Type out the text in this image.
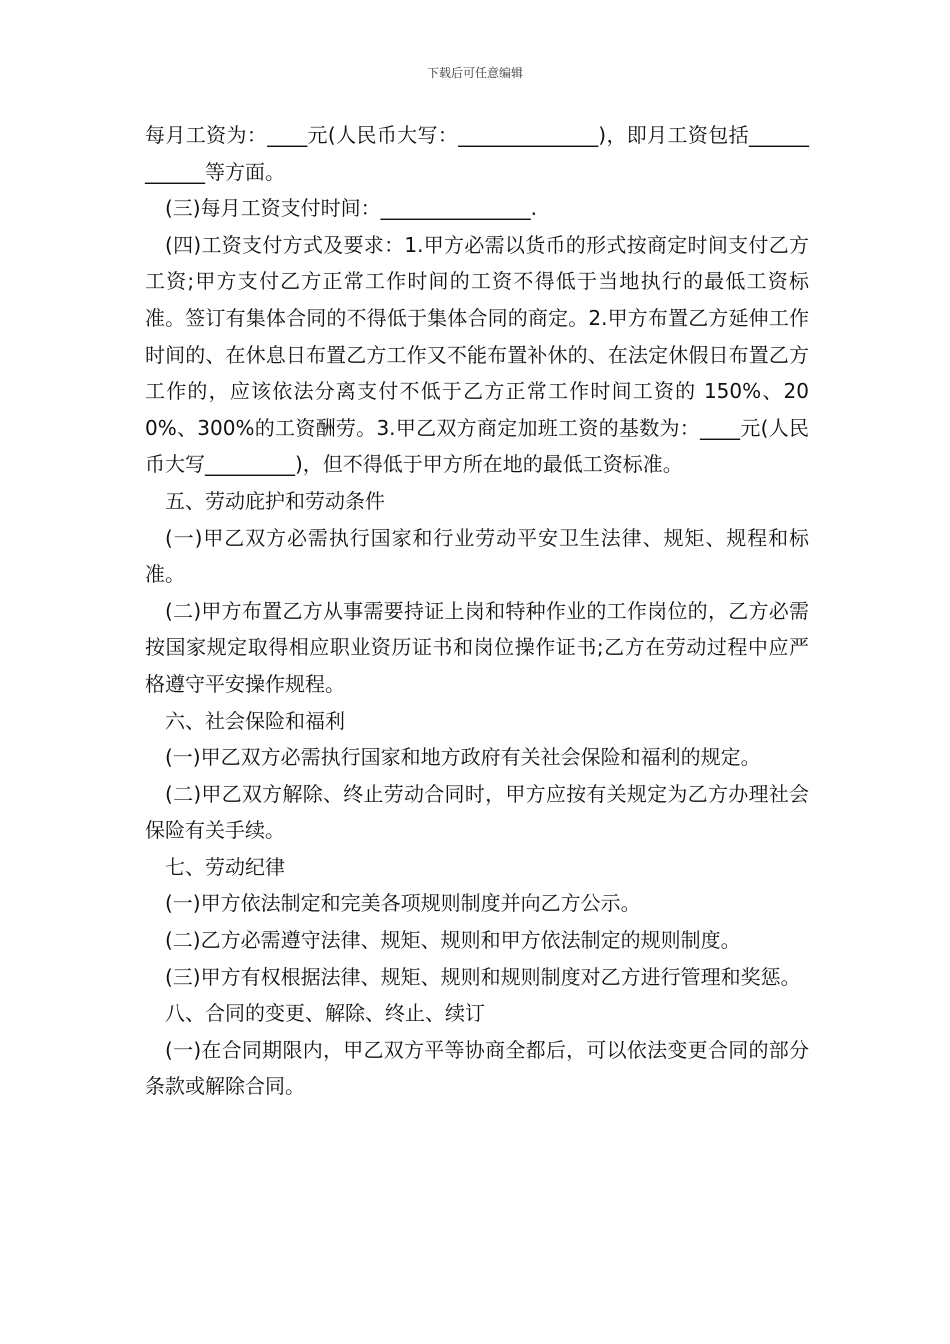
下载后可任意编辑

每月工资为：____元(人民币大写：______________)，即月工资包括____________等方面。

(三)每月工资支付时间：_______________.

(四)工资支付方式及要求：1.甲方必需以货币的形式按商定时间支付乙方工资;甲方支付乙方正常工作时间的工资不得低于当地执行的最低工资标准。签订有集体合同的不得低于集体合同的商定。2.甲方布置乙方延伸工作时间的、在休息日布置乙方工作又不能布置补休的、在法定休假日布置乙方工作的，应该依法分离支付不低于乙方正常工作时间工资的 150%、200%、300%的工资酬劳。3.甲乙双方商定加班工资的基数为：____元(人民币大写_________)，但不得低于甲方所在地的最低工资标准。

五、劳动庇护和劳动条件

(一)甲乙双方必需执行国家和行业劳动平安卫生法律、规矩、规程和标准。

(二)甲方布置乙方从事需要持证上岗和特种作业的工作岗位的，乙方必需按国家规定取得相应职业资历证书和岗位操作证书;乙方在劳动过程中应严格遵守平安操作规程。

六、社会保险和福利

(一)甲乙双方必需执行国家和地方政府有关社会保险和福利的规定。

(二)甲乙双方解除、终止劳动合同时，甲方应按有关规定为乙方办理社会保险有关手续。

七、劳动纪律

(一)甲方依法制定和完美各项规则制度并向乙方公示。

(二)乙方必需遵守法律、规矩、规则和甲方依法制定的规则制度。

(三)甲方有权根据法律、规矩、规则和规则制度对乙方进行管理和奖惩。

八、合同的变更、解除、终止、续订

(一)在合同期限内，甲乙双方平等协商全都后，可以依法变更合同的部分条款或解除合同。
